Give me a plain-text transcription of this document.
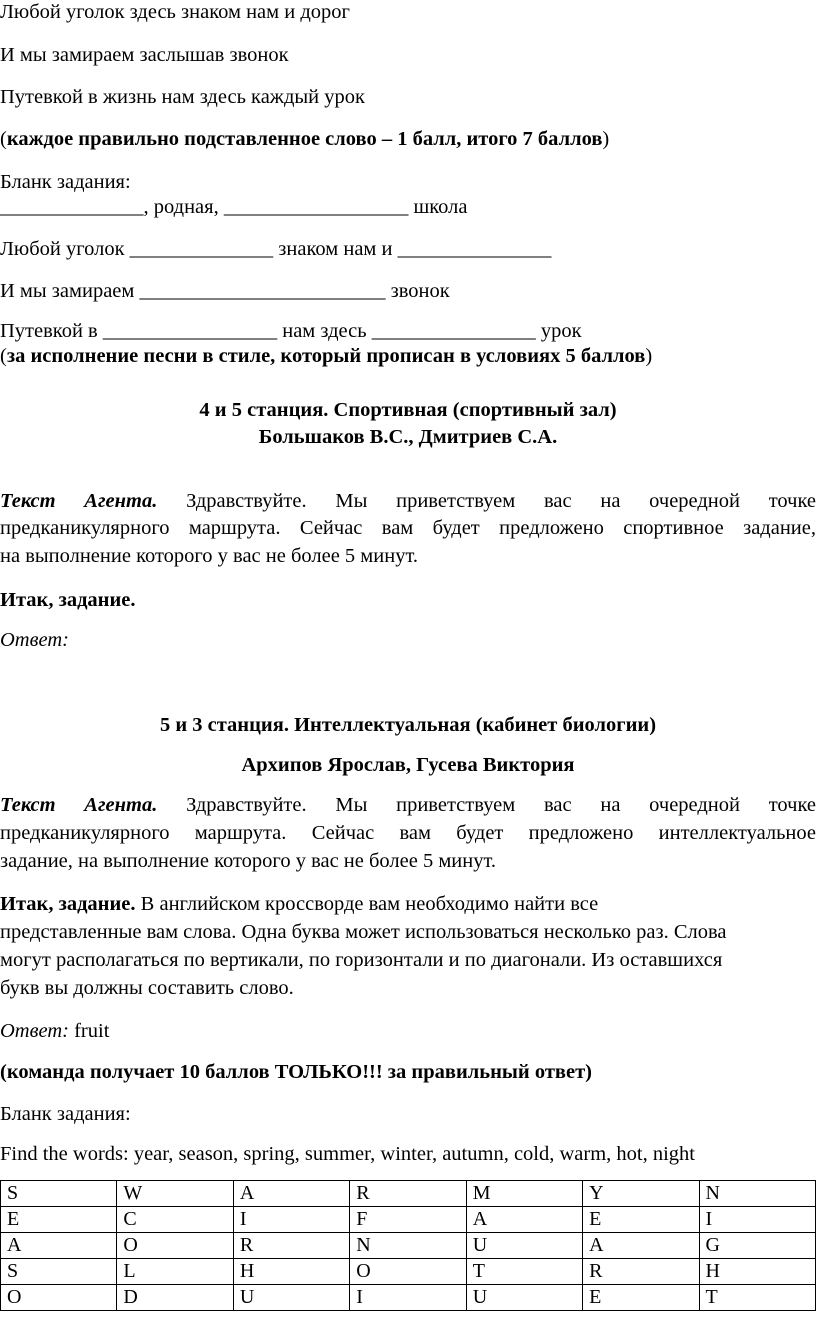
Любой уголок здесь знаком нам и дорог
И мы замираем заслышав звонок
Путевкой в жизнь нам здесь каждый урок
(каждое правильно подставленное слово – 1 балл, итого 7 баллов)
Бланк задания:
______________, родная, __________________ школа
Любой уголок ______________ знаком нам и _______________
И мы замираем ________________________ звонок
Путевкой в _________________ нам здесь ________________ урок
(за исполнение песни в стиле, который прописан в условиях 5 баллов)
4 и 5 станция. Спортивная (спортивный зал)
Большаков В.С., Дмитриев С.А.
Текст Агента. Здравствуйте. Мы приветствуем вас на очередной точке
предканикулярного маршрута. Сейчас вам будет предложено спортивное задание,
на выполнение которого у вас не более 5 минут.
Итак, задание.
Ответ:
5 и 3 станция. Интеллектуальная (кабинет биологии)
Архипов Ярослав, Гусева Виктория
Текст Агента. Здравствуйте. Мы приветствуем вас на очередной точке
предканикулярного маршрута. Сейчас вам будет предложено интеллектуальное
задание, на выполнение которого у вас не более 5 минут.
Итак, задание. В английском кроссворде вам необходимо найти все
представленные вам слова. Одна буква может использоваться несколько раз. Слова
могут располагаться по вертикали, по горизонтали и по диагонали. Из оставшихся
букв вы должны составить слово.
Ответ: fruit
(команда получает 10 баллов ТОЛЬКО!!! за правильный ответ)
Бланк задания:
Find the words: year, season, spring, summer, winter, autumn, cold, warm, hot, night
S	W	A	R	M	Y	N
E	C	I	F	A	E	I
A	O	R	N	U	A	G
S	L	H	O	T	R	H
O	D	U	I	U	E	T
